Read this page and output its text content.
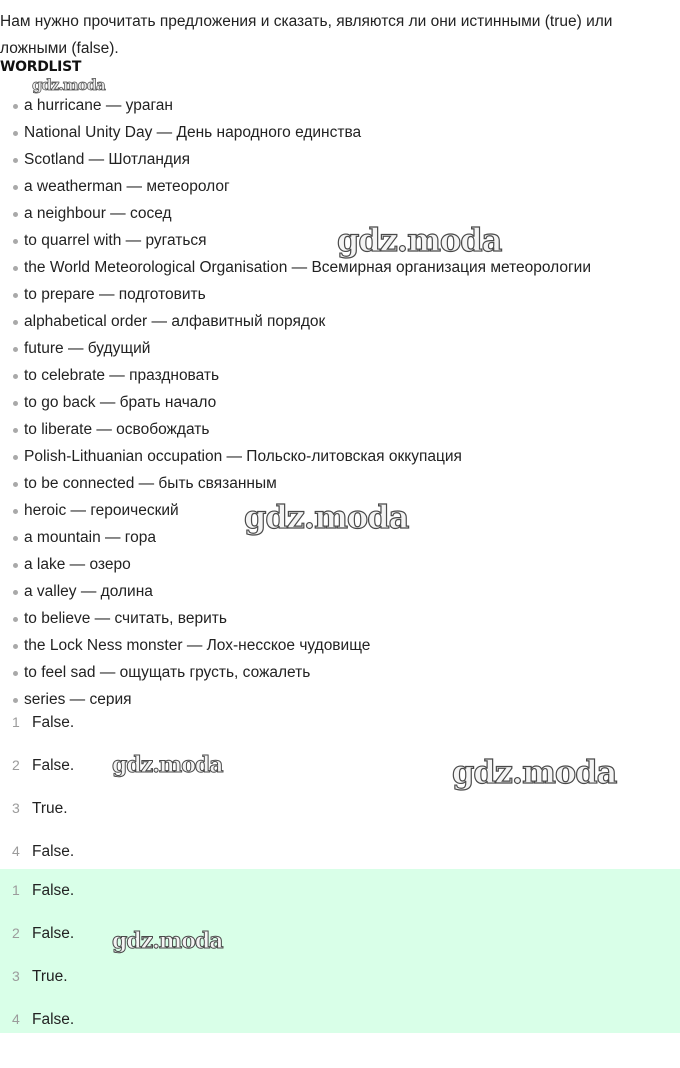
Нам нужно прочитать предложения и сказать, являются ли они истинными (true) или ложными (false).
WORDLIST
a hurricane — ураган
National Unity Day — День народного единства
Scotland — Шотландия
a weatherman — метеоролог
a neighbour — сосед
to quarrel with — ругаться
the World Meteorological Organisation — Всемирная организация метеорологии
to prepare — подготовить
alphabetical order — алфавитный порядок
future — будущий
to celebrate — праздновать
to go back — брать начало
to liberate — освобождать
Polish-Lithuanian occupation — Польско-литовская оккупация
to be connected — быть связанным
heroic — героический
a mountain — гора
a lake — озеро
a valley — долина
to believe — считать, верить
the Lock Ness monster — Лох-несское чудовище
to feel sad — ощущать грусть, сожалеть
series — серия
1 False.
2 False.
3 True.
4 False.
1 False.
2 False.
3 True.
4 False.
gdz.moda
gdz.moda
gdz.moda
gdz.moda	gdz.moda
gdz.moda
